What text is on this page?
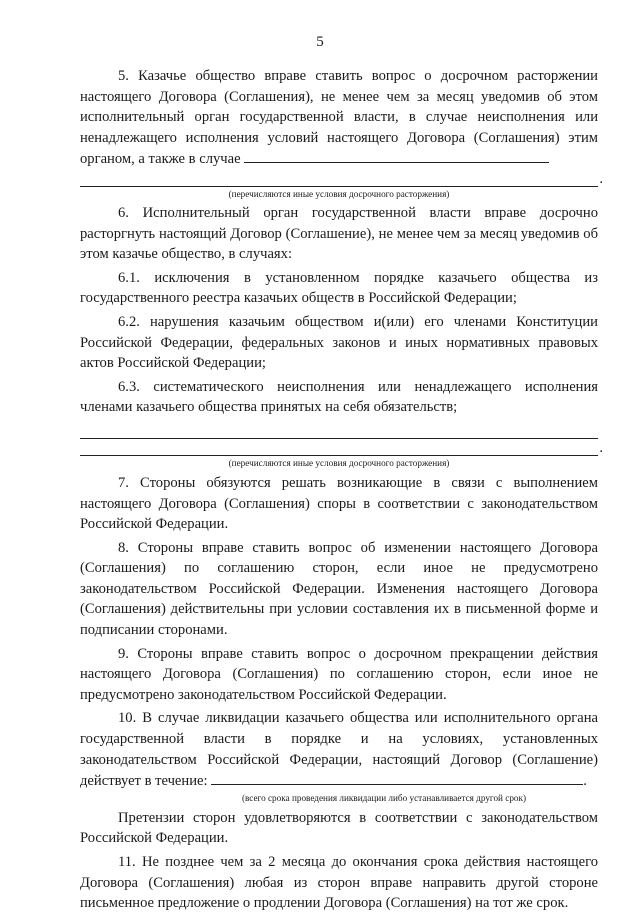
5

5. Казачье общество вправе ставить вопрос о досрочном расторжении настоящего Договора (Соглашения), не менее чем за месяц уведомив об этом исполнительный орган государственной власти, в случае неисполнения или ненадлежащего исполнения условий настоящего Договора (Соглашения) этим органом, а также в случае

.

(перечисляются иные условия досрочного расторжения)

6. Исполнительный орган государственной власти вправе досрочно расторгнуть настоящий Договор (Соглашение), не менее чем за месяц уведомив об этом казачье общество, в случаях:

6.1. исключения в установленном порядке казачьего общества из государственного реестра казачьих обществ в Российской Федерации;

6.2. нарушения казачьим обществом и(или) его членами Конституции Российской Федерации, федеральных законов и иных нормативных правовых актов Российской Федерации;

6.3. систематического неисполнения или ненадлежащего исполнения членами казачьего общества принятых на себя обязательств;

.

(перечисляются иные условия досрочного расторжения)

7. Стороны обязуются решать возникающие в связи с выполнением настоящего Договора (Соглашения) споры в соответствии с законодательством Российской Федерации.

8. Стороны вправе ставить вопрос об изменении настоящего Договора (Соглашения) по соглашению сторон, если иное не предусмотрено законодательством Российской Федерации. Изменения настоящего Договора (Соглашения) действительны при условии составления их в письменной форме и подписании сторонами.

9. Стороны вправе ставить вопрос о досрочном прекращении действия настоящего Договора (Соглашения) по соглашению сторон, если иное не предусмотрено законодательством Российской Федерации.

10. В случае ликвидации казачьего общества или исполнительного органа государственной власти в порядке и на условиях, установленных законодательством Российской Федерации, настоящий Договор (Соглашение) действует в течение:	.

(всего срока проведения ликвидации либо устанавливается другой срок)

Претензии сторон удовлетворяются в соответствии с законодательством Российской Федерации.

11. Не позднее чем за 2 месяца до окончания срока действия настоящего Договора (Соглашения) любая из сторон вправе направить другой стороне письменное предложение о продлении Договора (Соглашения) на тот же срок.
